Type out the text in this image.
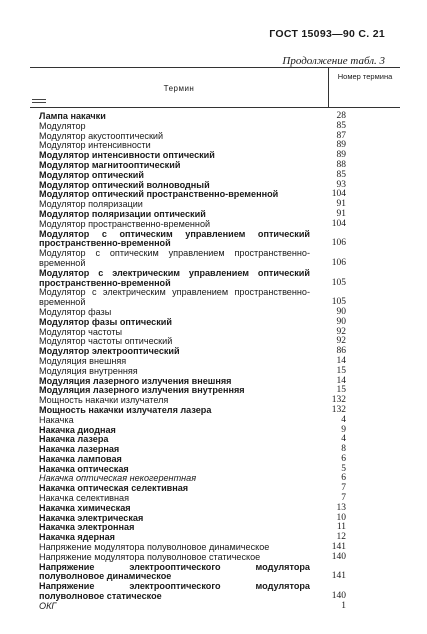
ГОСТ 15093—90 С. 21
Продолжение табл. 3
Термин
Номер термина
Лампа накачки	28
Модулятор	85
Модулятор акустооптический	87
Модулятор интенсивности	89
Модулятор интенсивности оптический	89
Модулятор магнитооптический	88
Модулятор оптический	85
Модулятор оптический волноводный	93
Модулятор оптический пространственно-временной	104
Модулятор поляризации	91
Модулятор поляризации оптический	91
Модулятор пространственно-временной	104
Модулятор с оптическим управлением оптический пространственно-временной	106
Модулятор с оптическим управлением пространственно-временной	106
Модулятор с электрическим управлением оптический пространственно-временной	105
Модулятор с электрическим управлением пространственно-временной	105
Модулятор фазы	90
Модулятор фазы оптический	90
Модулятор частоты	92
Модулятор частоты оптический	92
Модулятор электрооптический	86
Модуляция внешняя	14
Модуляция внутренняя	15
Модуляция лазерного излучения внешняя	14
Модуляция лазерного излучения внутренняя	15
Мощность накачки излучателя	132
Мощность накачки излучателя лазера	132
Накачка	4
Накачка диодная	9
Накачка лазера	4
Накачка лазерная	8
Накачка ламповая	6
Накачка оптическая	5
Накачка оптическая некогерентная	6
Накачка оптическая селективная	7
Накачка селективная	7
Накачка химическая	13
Накачка электрическая	10
Накачка электронная	11
Накачка ядерная	12
Напряжение модулятора полуволновое динамическое	141
Напряжение модулятора полуволновое статическое	140
Напряжение электрооптического модулятора полуволновое динамическое	141
Напряжение электрооптического модулятора полуволновое статическое	140
ОКГ	1
